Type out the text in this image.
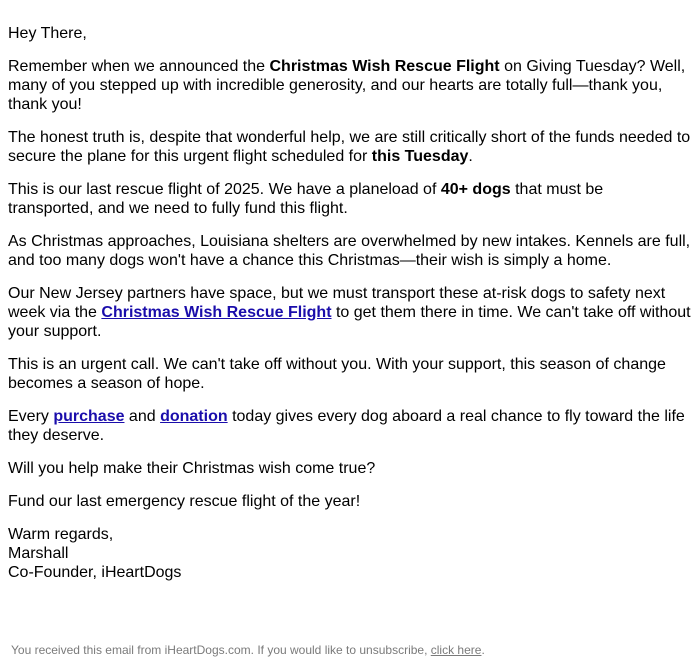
Hey There,

Remember when we announced the Christmas Wish Rescue Flight on Giving Tuesday? Well, many of you stepped up with incredible generosity, and our hearts are totally full—thank you, thank you!

The honest truth is, despite that wonderful help, we are still critically short of the funds needed to secure the plane for this urgent flight scheduled for this Tuesday.

This is our last rescue flight of 2025. We have a planeload of 40+ dogs that must be transported, and we need to fully fund this flight.

As Christmas approaches, Louisiana shelters are overwhelmed by new intakes. Kennels are full, and too many dogs won't have a chance this Christmas—their wish is simply a home.

Our New Jersey partners have space, but we must transport these at-risk dogs to safety next week via the Christmas Wish Rescue Flight to get them there in time. We can't take off without your support.

This is an urgent call. We can't take off without you. With your support, this season of change becomes a season of hope.

Every purchase and donation today gives every dog aboard a real chance to fly toward the life they deserve.

Will you help make their Christmas wish come true?

Fund our last emergency rescue flight of the year!

Warm regards,
Marshall
Co-Founder, iHeartDogs

You received this email from iHeartDogs.com. If you would like to unsubscribe, click here.
